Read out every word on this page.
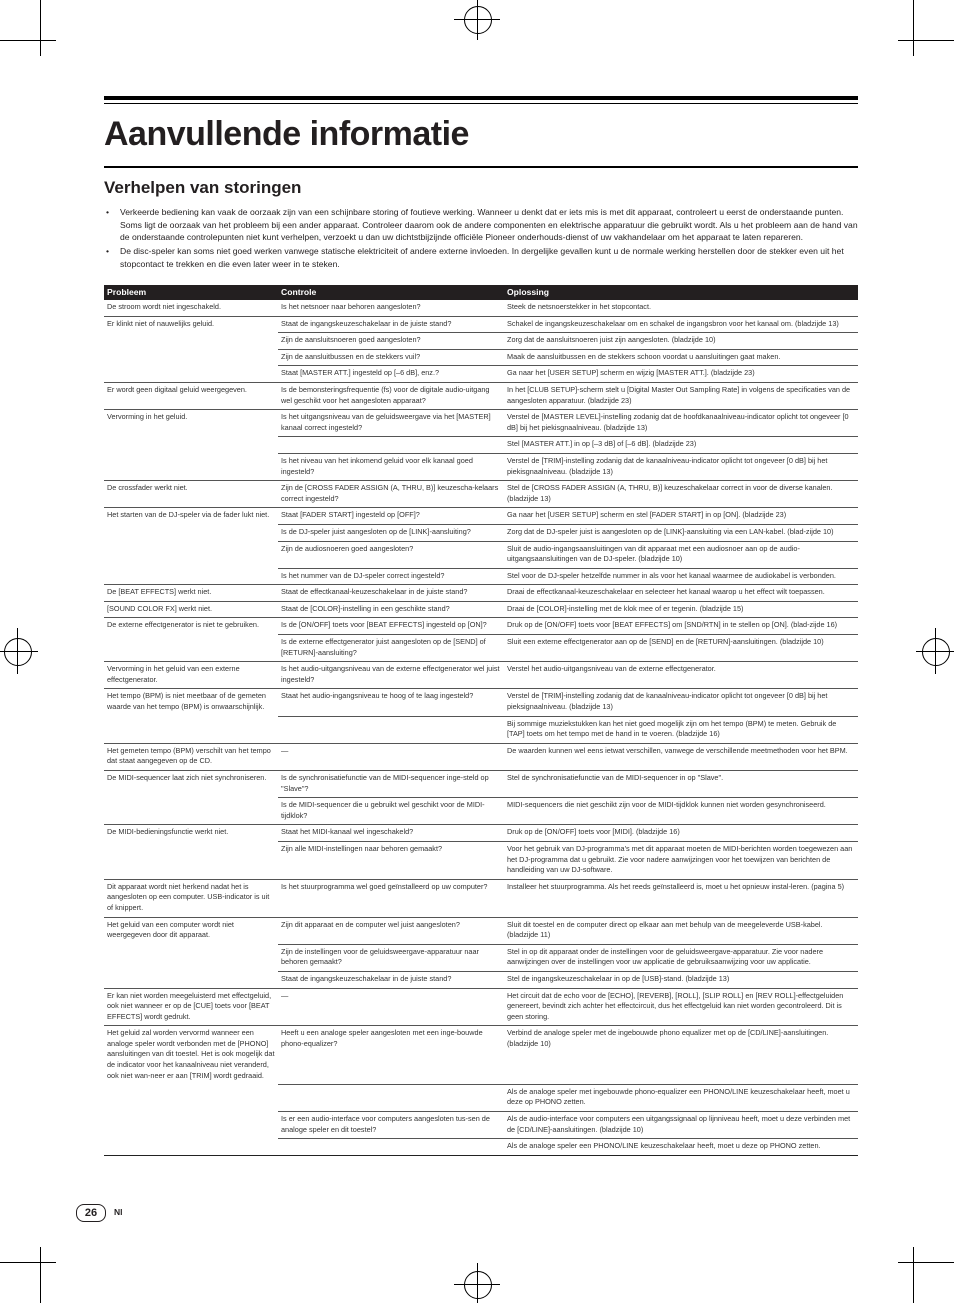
Aanvullende informatie
Verhelpen van storingen
• Verkeerde bediening kan vaak de oorzaak zijn van een schijnbare storing of foutieve werking. Wanneer u denkt dat er iets mis is met dit apparaat, controleert u eerst de onderstaande punten. Soms ligt de oorzaak van het probleem bij een ander apparaat. Controleer daarom ook de andere componenten en elektrische apparatuur die gebruikt wordt. Als u het probleem aan de hand van de onderstaande controlepunten niet kunt verhelpen, verzoekt u dan uw dichtstbijzijnde officiële Pioneer onderhouds-dienst of uw vakhandelaar om het apparaat te laten repareren.
• De disc-speler kan soms niet goed werken vanwege statische elektriciteit of andere externe invloeden. In dergelijke gevallen kunt u de normale werking herstellen door de stekker even uit het stopcontact te trekken en die even later weer in te steken.
Probleem	Controle	Oplossing
De stroom wordt niet ingeschakeld.	Is het netsnoer naar behoren aangesloten?	Steek de netsnoerstekker in het stopcontact.
Er klinkt niet of nauwelijks geluid.	Staat de ingangskeuzeschakelaar in de juiste stand?	Schakel de ingangskeuzeschakelaar om en schakel de ingangsbron voor het kanaal om. (bladzijde 13)
	Zijn de aansluitsnoeren goed aangesloten?	Zorg dat de aansluitsnoeren juist zijn aangesloten. (bladzijde 10)
	Zijn de aansluitbussen en de stekkers vuil?	Maak de aansluitbussen en de stekkers schoon voordat u aansluitingen gaat maken.
	Staat [MASTER ATT.] ingesteld op [–6 dB], enz.?	Ga naar het [USER SETUP] scherm en wijzig [MASTER ATT.]. (bladzijde 23)
Er wordt geen digitaal geluid weergegeven.	Is de bemonsteringsfrequentie (fs) voor de digitale audio-uitgang wel geschikt voor het aangesloten apparaat?	In het [CLUB SETUP]-scherm stelt u [Digital Master Out Sampling Rate] in volgens de specificaties van de aangesloten apparatuur. (bladzijde 23)
Vervorming in het geluid.	Is het uitgangsniveau van de geluidsweergave via het [MASTER] kanaal correct ingesteld?	Verstel de [MASTER LEVEL]-instelling zodanig dat de hoofdkanaalniveau-indicator oplicht tot ongeveer [0 dB] bij het piekisgnaalniveau. (bladzijde 13)
		Stel [MASTER ATT.] in op [–3 dB] of [–6 dB]. (bladzijde 23)
	Is het niveau van het inkomend geluid voor elk kanaal goed ingesteld?	Verstel de [TRIM]-instelling zodanig dat de kanaalniveau-indicator oplicht tot ongeveer [0 dB] bij het piekisgnaalniveau. (bladzijde 13)
De crossfader werkt niet.	Zijn de [CROSS FADER ASSIGN (A, THRU, B)] keuzescha-kelaars correct ingesteld?	Stel de [CROSS FADER ASSIGN (A, THRU, B)] keuzeschakelaar correct in voor de diverse kanalen. (bladzijde 13)
Het starten van de DJ-speler via de fader lukt niet.	Staat [FADER START] ingesteld op [OFF]?	Ga naar het [USER SETUP] scherm en stel [FADER START] in op [ON]. (bladzijde 23)
	Is de DJ-speler juist aangesloten op de [LINK]-aansluiting?	Zorg dat de DJ-speler juist is aangesloten op de [LINK]-aansluiting via een LAN-kabel. (blad-zijde 10)
	Zijn de audiosnoeren goed aangesloten?	Sluit de audio-ingangsaansluitingen van dit apparaat met een audiosnoer aan op de audio-uitgangsaansluitingen van de DJ-speler. (bladzijde 10)
	Is het nummer van de DJ-speler correct ingesteld?	Stel voor de DJ-speler hetzelfde nummer in als voor het kanaal waarmee de audiokabel is verbonden.
De [BEAT EFFECTS] werkt niet.	Staat de effectkanaal-keuzeschakelaar in de juiste stand?	Draai de effectkanaal-keuzeschakelaar en selecteer het kanaal waarop u het effect wilt toepassen.
[SOUND COLOR FX] werkt niet.	Staat de [COLOR]-instelling in een geschikte stand?	Draai de [COLOR]-instelling met de klok mee of er tegenin. (bladzijde 15)
De externe effectgenerator is niet te gebruiken.	Is de [ON/OFF] toets voor [BEAT EFFECTS] ingesteld op [ON]?	Druk op de [ON/OFF] toets voor [BEAT EFFECTS] om [SND/RTN] in te stellen op [ON]. (blad-zijde 16)
	Is de externe effectgenerator juist aangesloten op de [SEND] of [RETURN]-aansluiting?	Sluit een externe effectgenerator aan op de [SEND] en de [RETURN]-aansluitingen. (bladzijde 10)
Vervorming in het geluid van een externe effectgenerator.	Is het audio-uitgangsniveau van de externe effectgenerator wel juist ingesteld?	Verstel het audio-uitgangsniveau van de externe effectgenerator.
Het tempo (BPM) is niet meetbaar of de gemeten waarde van het tempo (BPM) is onwaarschijnlijk.	Staat het audio-ingangsniveau te hoog of te laag ingesteld?	Verstel de [TRIM]-instelling zodanig dat de kanaalniveau-indicator oplicht tot ongeveer [0 dB] bij het pieksignaalniveau. (bladzijde 13)
		Bij sommige muziekstukken kan het niet goed mogelijk zijn om het tempo (BPM) te meten. Gebruik de [TAP] toets om het tempo met de hand in te voeren. (bladzijde 16)
Het gemeten tempo (BPM) verschilt van het tempo dat staat aangegeven op de CD.	—	De waarden kunnen wel eens ietwat verschillen, vanwege de verschillende meetmethoden voor het BPM.
De MIDI-sequencer laat zich niet synchroniseren.	Is de synchronisatiefunctie van de MIDI-sequencer inge-steld op "Slave"?	Stel de synchronisatiefunctie van de MIDI-sequencer in op "Slave".
	Is de MIDI-sequencer die u gebruikt wel geschikt voor de MIDI-tijdklok?	MIDI-sequencers die niet geschikt zijn voor de MIDI-tijdklok kunnen niet worden gesynchroniseerd.
De MIDI-bedieningsfunctie werkt niet.	Staat het MIDI-kanaal wel ingeschakeld?	Druk op de [ON/OFF] toets voor [MIDI]. (bladzijde 16)
	Zijn alle MIDI-instellingen naar behoren gemaakt?	Voor het gebruik van DJ-programma's met dit apparaat moeten de MIDI-berichten worden toegewezen aan het DJ-programma dat u gebruikt. Zie voor nadere aanwijzingen voor het toewijzen van berichten de handleiding van uw DJ-software.
Dit apparaat wordt niet herkend nadat het is aangesloten op een computer. USB-indicator is uit of knippert.	Is het stuurprogramma wel goed geïnstalleerd op uw computer?	Installeer het stuurprogramma. Als het reeds geïnstalleerd is, moet u het opnieuw instal-leren. (pagina 5)
Het geluid van een computer wordt niet weergegeven door dit apparaat.	Zijn dit apparaat en de computer wel juist aangesloten?	Sluit dit toestel en de computer direct op elkaar aan met behulp van de meegeleverde USB-kabel. (bladzijde 11)
	Zijn de instellingen voor de geluidsweergave-apparatuur naar behoren gemaakt?	Stel in op dit apparaat onder de instellingen voor de geluidsweergave-apparatuur. Zie voor nadere aanwijzingen over de instellingen voor uw applicatie de gebruiksaanwijzing voor uw applicatie.
	Staat de ingangskeuzeschakelaar in de juiste stand?	Stel de ingangskeuzeschakelaar in op de [USB]-stand. (bladzijde 13)
Er kan niet worden meegeluisterd met effectgeluid, ook niet wanneer er op de [CUE] toets voor [BEAT EFFECTS] wordt gedrukt.	—	Het circuit dat de echo voor de [ECHO], [REVERB], [ROLL], [SLIP ROLL] en [REV ROLL]-effectgeluiden genereert, bevindt zich achter het effectcircuit, dus het effectgeluid kan niet worden gecontroleerd. Dit is geen storing.
Het geluid zal worden vervormd wanneer een analoge speler wordt verbonden met de [PHONO] aansluitingen van dit toestel. Het is ook mogelijk dat de indicator voor het kanaalniveau niet veranderd, ook niet wan-neer er aan [TRIM] wordt gedraaid.	Heeft u een analoge speler aangesloten met een inge-bouwde phono-equalizer?	Verbind de analoge speler met de ingebouwde phono equalizer met op de [CD/LINE]-aansluitingen. (bladzijde 10)
		Als de analoge speler met ingebouwde phono-equalizer een PHONO/LINE keuzeschakelaar heeft, moet u deze op PHONO zetten.
	Is er een audio-interface voor computers aangesloten tus-sen de analoge speler en dit toestel?	Als de audio-interface voor computers een uitgangssignaal op lijnniveau heeft, moet u deze verbinden met de [CD/LINE]-aansluitingen. (bladzijde 10)
		Als de analoge speler een PHONO/LINE keuzeschakelaar heeft, moet u deze op PHONO zetten.
26	Nl
